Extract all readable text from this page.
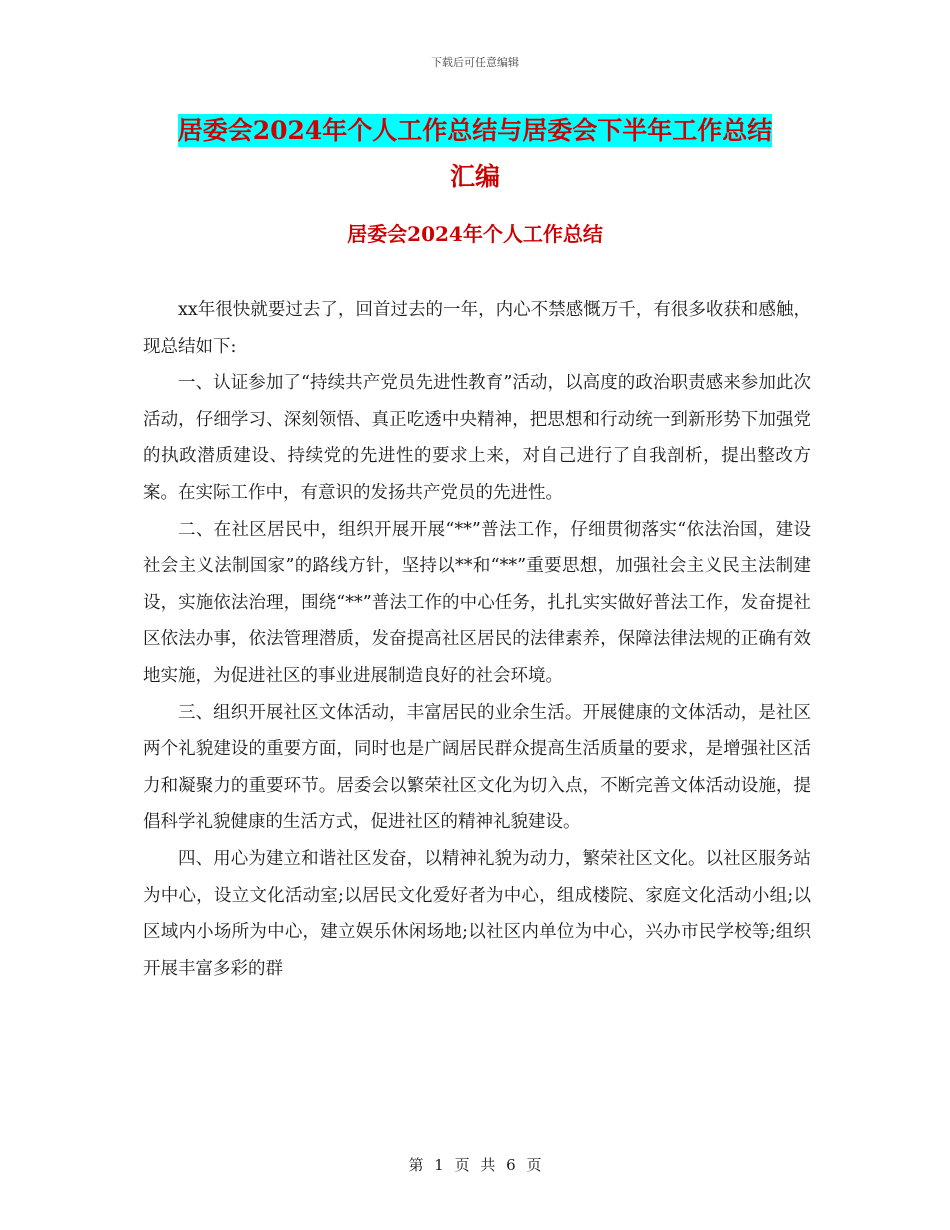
下载后可任意编辑
居委会2024年个人工作总结与居委会下半年工作总结
汇编
居委会2024年个人工作总结

xx年很快就要过去了，回首过去的一年，内心不禁感慨万千，有很多收获和感触，现总结如下:

一、认证参加了“持续共产党员先进性教育”活动，以高度的政治职责感来参加此次活动，仔细学习、深刻领悟、真正吃透中央精神，把思想和行动统一到新形势下加强党的执政潜质建设、持续党的先进性的要求上来，对自己进行了自我剖析，提出整改方案。在实际工作中，有意识的发扬共产党员的先进性。

二、在社区居民中，组织开展开展“**”普法工作，仔细贯彻落实“依法治国，建设社会主义法制国家”的路线方针，坚持以**和“**”重要思想，加强社会主义民主法制建设，实施依法治理，围绕“**”普法工作的中心任务，扎扎实实做好普法工作，发奋提社区依法办事，依法管理潜质，发奋提高社区居民的法律素养，保障法律法规的正确有效地实施，为促进社区的事业进展制造良好的社会环境。

三、组织开展社区文体活动，丰富居民的业余生活。开展健康的文体活动，是社区两个礼貌建设的重要方面，同时也是广阔居民群众提高生活质量的要求，是增强社区活力和凝聚力的重要环节。居委会以繁荣社区文化为切入点，不断完善文体活动设施，提倡科学礼貌健康的生活方式，促进社区的精神礼貌建设。

四、用心为建立和谐社区发奋，以精神礼貌为动力，繁荣社区文化。以社区服务站为中心，设立文化活动室;以居民文化爱好者为中心，组成楼院、家庭文化活动小组;以区域内小场所为中心，建立娱乐休闲场地;以社区内单位为中心，兴办市民学校等;组织开展丰富多彩的群

第 1 页 共 6 页
